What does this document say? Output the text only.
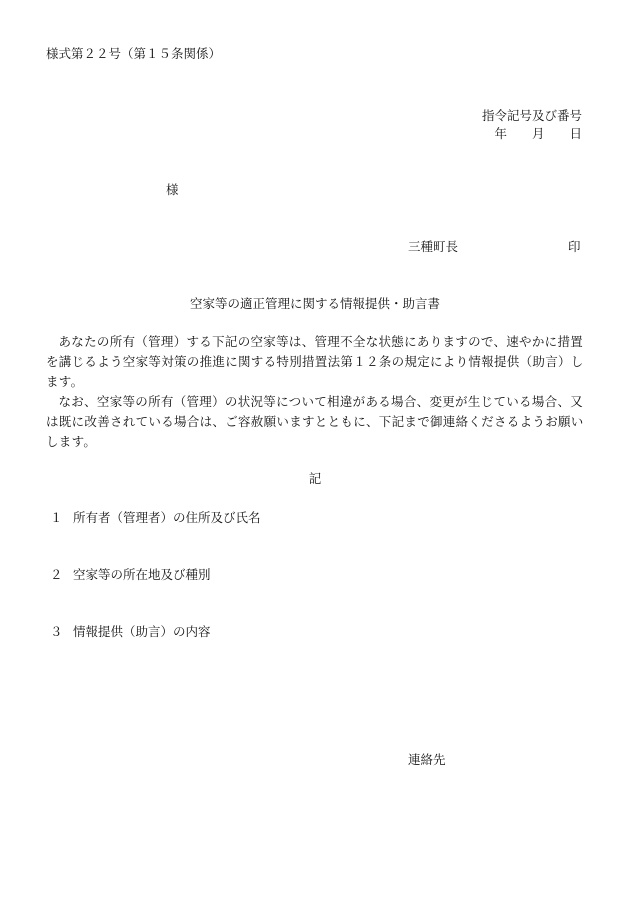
様式第２２号（第１５条関係）
指令記号及び番号
年　　月　　日
様
三種町長	印
空家等の適正管理に関する情報提供・助言書
あなたの所有（管理）する下記の空家等は、管理不全な状態にありますので、速やかに措置を講じるよう空家等対策の推進に関する特別措置法第１２条の規定により情報提供（助言）します。
なお、空家等の所有（管理）の状況等について相違がある場合、変更が生じている場合、又は既に改善されている場合は、ご容赦願いますとともに、下記まで御連絡くださるようお願いします。
記
１ 所有者（管理者）の住所及び氏名
２ 空家等の所在地及び種別
３ 情報提供（助言）の内容
連絡先
